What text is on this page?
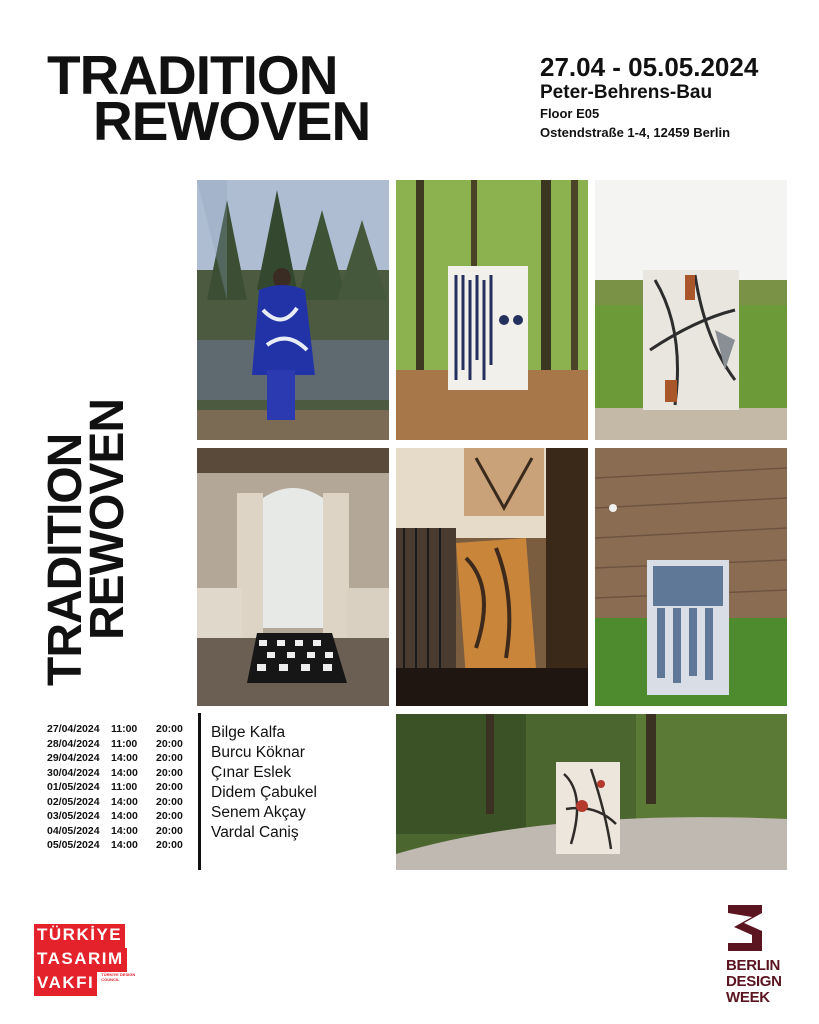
TRADITION
REWOVEN
27.04 - 05.05.2024
Peter-Behrens-Bau
Floor E05
Ostendstraße 1-4, 12459 Berlin
TRADITION
REWOVEN
27/04/2024	11:00	20:00
28/04/2024	11:00	20:00
29/04/2024	14:00	20:00
30/04/2024	14:00	20:00
01/05/2024	11:00	20:00
02/05/2024	14:00	20:00
03/05/2024	14:00	20:00
04/05/2024	14:00	20:00
05/05/2024	14:00	20:00
Bilge Kalfa
Burcu Köknar
Çınar Eslek
Didem Çabukel
Senem Akçay
Vardal Caniş
TÜRKİYE
TASARIM
VAKFI	TÜRKİYE DESIGN COUNCIL
BERLIN
DESIGN
WEEK
